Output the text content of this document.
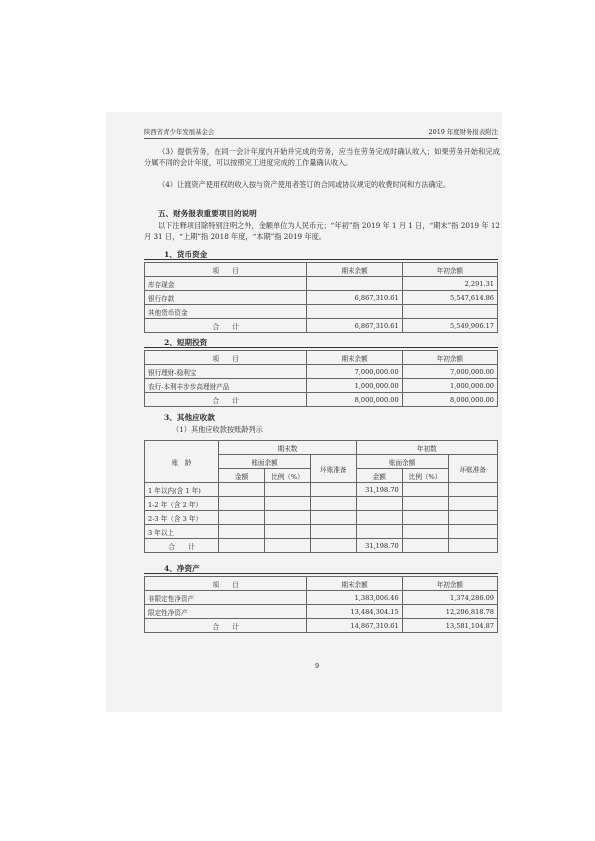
陕西省青少年发展基金会	2019 年度财务报表附注

（3）提供劳务，在同一会计年度内开始并完成的劳务，应当在劳务完成时确认收入；如果劳务开始和完成分属不同的会计年度，可以按照完工进度完成的工作量确认收入。

（4）让渡资产使用权的收入按与资产使用者签订的合同或协议规定的收费时间和方法确定。

五、财务报表重要项目的说明

以下注释项目除特别注明之外，金额单位为人民币元；“年初”指 2019 年 1 月 1 日，“期末”指 2019 年 12 月 31 日，“上期”指 2018 年度，“本期”指 2019 年度。

1、货币资金
项　　目	期末余额	年初余额
库存现金		2,291.31
银行存款	6,867,310.61	5,547,614.86
其他货币资金		
合　　计	6,867,310.61	5,549,906.17
2、短期投资
项　　目	期末余额	年初余额
银行理财-稳利宝	7,000,000.00	7,000,000.00
农行-本利丰步步高理财产品	1,000,000.00	1,000,000.00
合　　计	8,000,000.00	8,000,000.00
3、其他应收款
（1）其他应收款按账龄列示
账　龄	期末数			年初数		
	账面余额		坏账准备	账面余额		坏账准备
	金额	比例（%）		金额	比例（%）	
1 年以内(含 1 年)				31,198.70		
1-2 年（含 2 年）						
2-3 年（含 3 年）						
3 年以上						
合　　计				31,198.70		
4、净资产
项　　目	期末余额	年初余额
非限定性净资产	1,383,006.46	1,374,286.09
限定性净资产	13,484,304.15	12,206,818.78
合　　计	14,867,310.61	13,581,104.87
9
